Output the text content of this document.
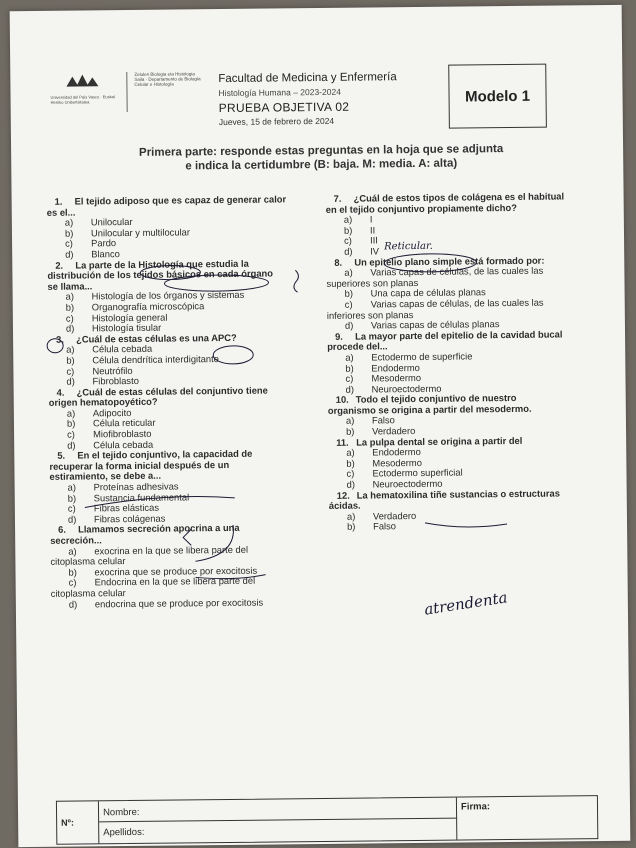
Universidad del País Vasco · Euskal Herriko Unibertsitatea
Zelulen Biologia eta Histologia Saila · Departamento de Biología Celular e Histología	Facultad de Medicina y Enfermería
Histología Humana – 2023-2024
PRUEBA OBJETIVA 02
Jueves, 15 de febrero de 2024
Modelo 1
Primera parte: responde estas preguntas en la hoja que se adjunta
e indica la certidumbre (B: baja. M: media. A: alta)
1. El tejido adiposo que es capaz de generar calor
es el...
a) Unilocular
b) Unilocular y multilocular
c) Pardo
d) Blanco
2. La parte de la Histología que estudia la
distribución de los tejidos básicos en cada órgano
se llama...
a) Histología de los órganos y sistemas
b) Organografía microscópica
c) Histología general
d) Histología tisular
3. ¿Cuál de estas células es una APC?
a) Célula cebada
b) Célula dendrítica interdigitante
c) Neutrófilo
d) Fibroblasto
4. ¿Cuál de estas células del conjuntivo tiene
origen hematopoyético?
a) Adipocito
b) Célula reticular
c) Miofibroblasto
d) Célula cebada
5. En el tejido conjuntivo, la capacidad de
recuperar la forma inicial después de un
estiramiento, se debe a...
a) Proteínas adhesivas
b) Sustancia fundamental
c) Fibras elásticas
d) Fibras colágenas
6. Llamamos secreción apocrina a una
secreción...
a) exocrina en la que se libera parte del
citoplasma celular
b) exocrina que se produce por exocitosis
c) Endocrina en la que se libera parte del
citoplasma celular
d) endocrina que se produce por exocitosis
7. ¿Cuál de estos tipos de colágena es el habitual
en el tejido conjuntivo propiamente dicho?
a) I
b) II
c) III
d) IV
8. Un epitelio plano simple está formado por:
a) Varias capas de células, de las cuales las
superiores son planas
b) Una capa de células planas
c) Varias capas de células, de las cuales las
inferiores son planas
d) Varias capas de células planas
9. La mayor parte del epitelio de la cavidad bucal
procede del...
a) Ectodermo de superficie
b) Endodermo
c) Mesodermo
d) Neuroectodermo
10. Todo el tejido conjuntivo de nuestro
organismo se origina a partir del mesodermo.
a) Falso
b) Verdadero
11. La pulpa dental se origina a partir del
a) Endodermo
b) Mesodermo
c) Ectodermo superficial
d) Neuroectodermo
12. La hematoxilina tiñe sustancias o estructuras
ácidas.
a) Verdadero
b) Falso
Reticular.
atrendenta
Nº:
Nombre:
Apellidos:
Firma:
